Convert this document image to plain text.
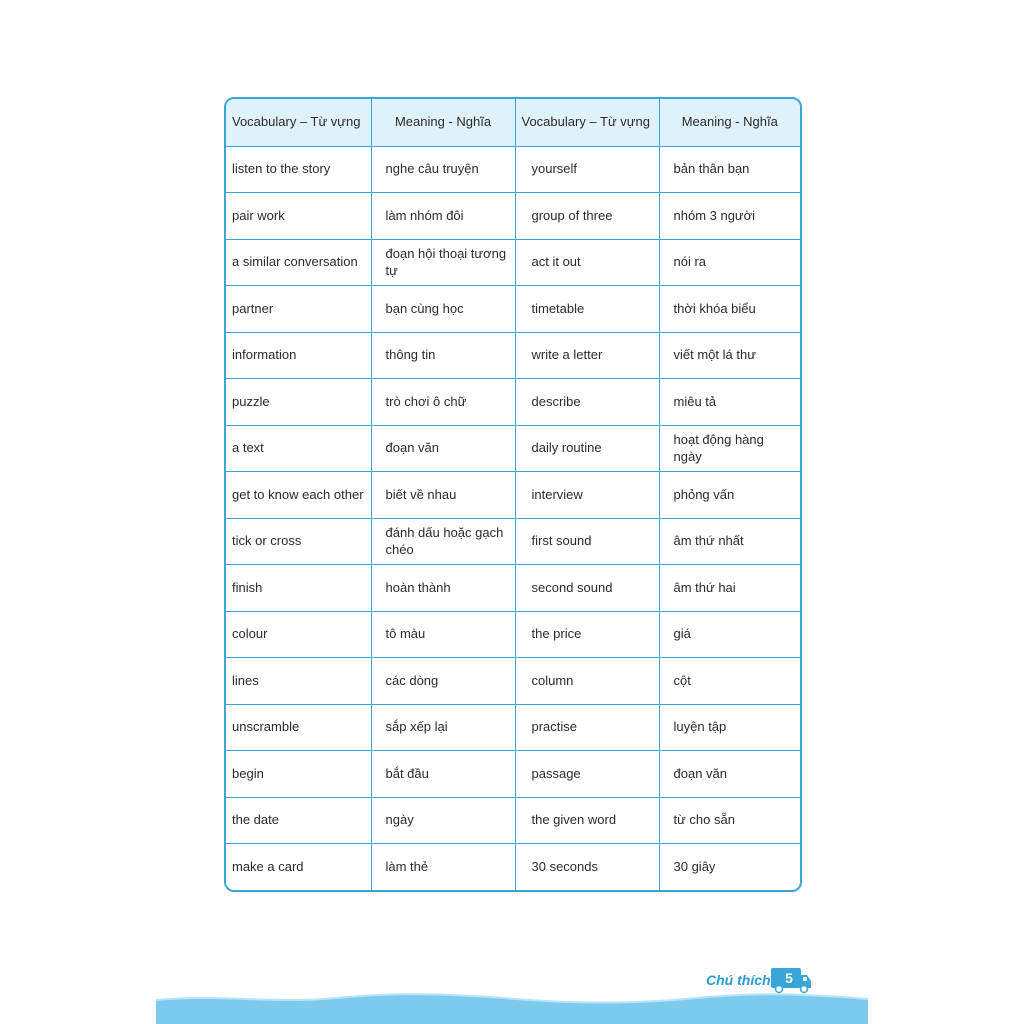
Vocabulary – Từ vựng	Meaning - Nghĩa	Vocabulary – Từ vựng	Meaning - Nghĩa
listen to the story	nghe câu truyện	yourself	bản thân bạn
pair work	làm nhóm đôi	group of three	nhóm 3 người
a similar conversation	đoạn hội thoại tương tự	act it out	nói ra
partner	bạn cùng học	timetable	thời khóa biểu
information	thông tin	write a letter	viết một lá thư
puzzle	trò chơi ô chữ	describe	miêu tả
a text	đoạn văn	daily routine	hoạt động hàng ngày
get to know each other	biết về nhau	interview	phỏng vấn
tick or cross	đánh dấu hoặc gạch chéo	first sound	âm thứ nhất
finish	hoàn thành	second sound	âm thứ hai
colour	tô màu	the price	giá
lines	các dòng	column	cột
unscramble	sắp xếp lại	practise	luyện tập
begin	bắt đầu	passage	đoạn văn
the date	ngày	the given word	từ cho sẵn
make a card	làm thẻ	30 seconds	30 giây
Chú thích	5
